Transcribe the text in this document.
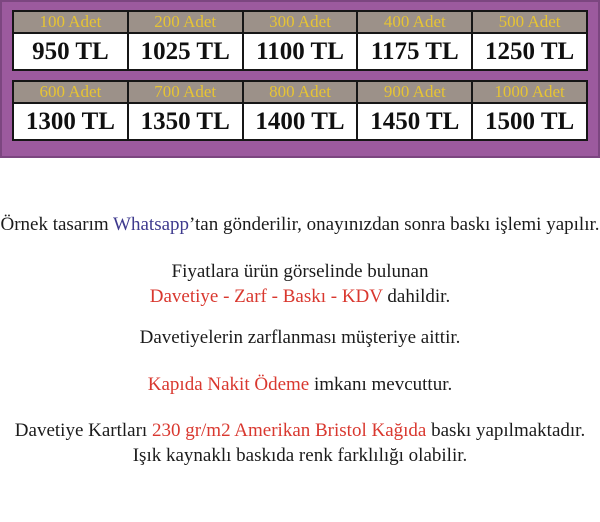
100 Adet	200 Adet	300 Adet	400 Adet	500 Adet
950 TL	1025 TL	1100 TL	1175 TL	1250 TL
600 Adet	700 Adet	800 Adet	900 Adet	1000 Adet
1300 TL	1350 TL	1400 TL	1450 TL	1500 TL

Örnek tasarım Whatsapp’tan gönderilir, onayınızdan sonra baskı işlemi yapılır.

Fiyatlara ürün görselinde bulunan

Davetiye - Zarf - Baskı - KDV dahildir.

Davetiyelerin zarflanması müşteriye aittir.

Kapıda Nakit Ödeme imkanı mevcuttur.

Davetiye Kartları 230 gr/m2 Amerikan Bristol Kağıda baskı yapılmaktadır.

Işık kaynaklı baskıda renk farklılığı olabilir.
